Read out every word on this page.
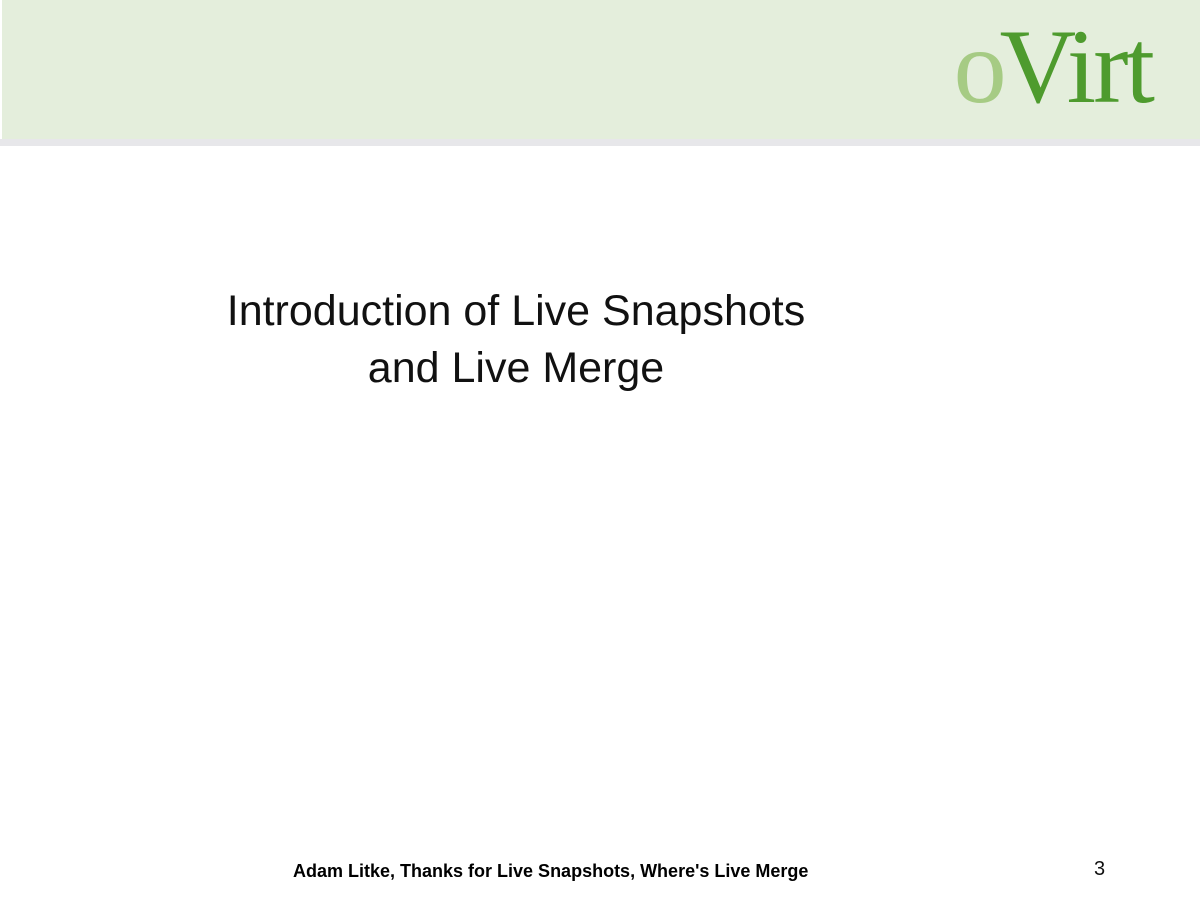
oVirt
Introduction of Live Snapshots
and Live Merge
Adam Litke, Thanks for Live Snapshots, Where's Live Merge	3
